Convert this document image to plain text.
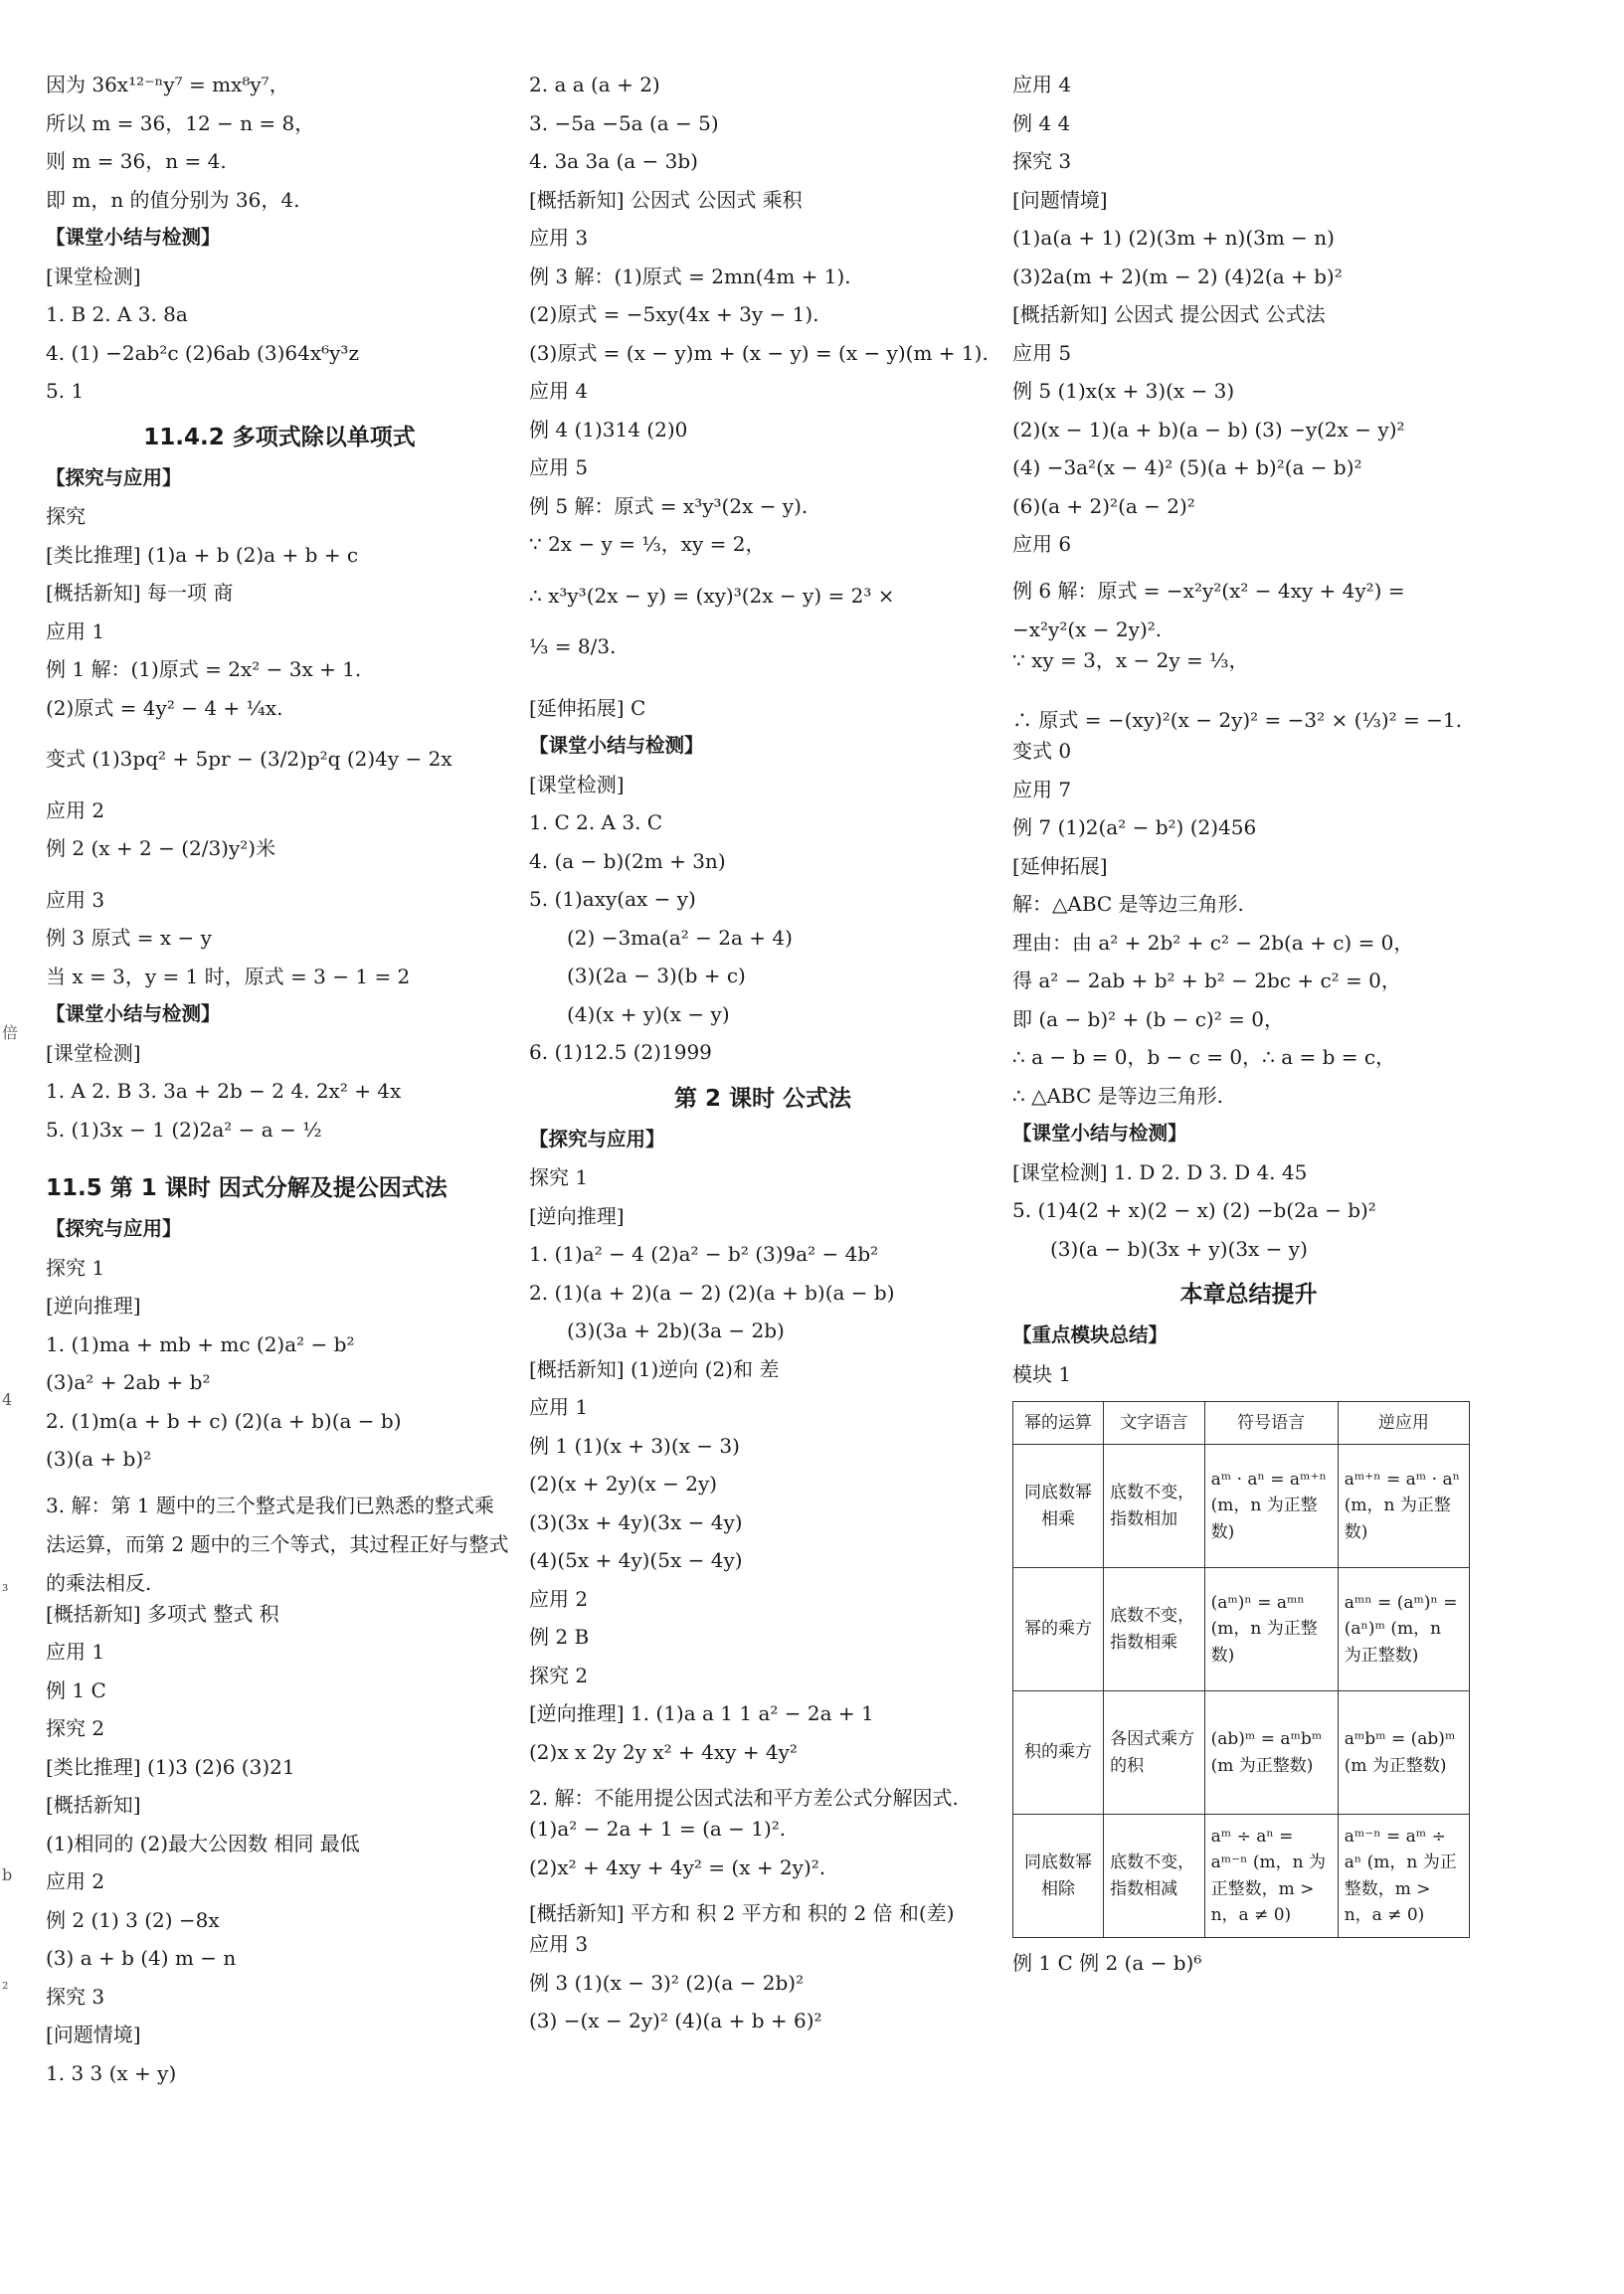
倍
4
³
b
₂
因为 36x¹²⁻ⁿy⁷ = mx⁸y⁷，
所以 m = 36，12 − n = 8，
则 m = 36，n = 4.
即 m，n 的值分别为 36，4.
【课堂小结与检测】
[课堂检测]
1. B 2. A 3. 8a
4. (1) −2ab²c (2)6ab (3)64x⁶y³z
5. 1
11.4.2 多项式除以单项式
【探究与应用】
探究
[类比推理] (1)a + b (2)a + b + c
[概括新知] 每一项 商
应用 1
例 1 解：(1)原式 = 2x² − 3x + 1.
(2)原式 = 4y² − 4 + ¼x.
变式 (1)3pq² + 5pr − (3/2)p²q (2)4y − 2x
应用 2
例 2 (x + 2 − (2/3)y²)米
应用 3
例 3 原式 = x − y
当 x = 3，y = 1 时，原式 = 3 − 1 = 2
【课堂小结与检测】
[课堂检测]
1. A 2. B 3. 3a + 2b − 2 4. 2x² + 4x
5. (1)3x − 1 (2)2a² − a − ½
11.5 第 1 课时 因式分解及提公因式法
【探究与应用】
探究 1
[逆向推理]
1. (1)ma + mb + mc (2)a² − b²
(3)a² + 2ab + b²
2. (1)m(a + b + c) (2)(a + b)(a − b)
(3)(a + b)²
3. 解：第 1 题中的三个整式是我们已熟悉的整式乘法运算，而第 2 题中的三个等式，其过程正好与整式的乘法相反.
[概括新知] 多项式 整式 积
应用 1
例 1 C
探究 2
[类比推理] (1)3 (2)6 (3)21
[概括新知]
(1)相同的 (2)最大公因数 相同 最低
应用 2
例 2 (1) 3 (2) −8x
(3) a + b (4) m − n
探究 3
[问题情境]
1. 3 3 (x + y)
2. a a (a + 2)
3. −5a −5a (a − 5)
4. 3a 3a (a − 3b)
[概括新知] 公因式 公因式 乘积
应用 3
例 3 解：(1)原式 = 2mn(4m + 1).
(2)原式 = −5xy(4x + 3y − 1).
(3)原式 = (x − y)m + (x − y) = (x − y)(m + 1).
应用 4
例 4 (1)314 (2)0
应用 5
例 5 解：原式 = x³y³(2x − y).
∵ 2x − y = ⅓，xy = 2，
∴ x³y³(2x − y) = (xy)³(2x − y) = 2³ ×
⅓ = 8/3.
[延伸拓展] C
【课堂小结与检测】
[课堂检测]
1. C 2. A 3. C
4. (a − b)(2m + 3n)
5. (1)axy(ax − y)
(2) −3ma(a² − 2a + 4)
(3)(2a − 3)(b + c)
(4)(x + y)(x − y)
6. (1)12.5 (2)1999
第 2 课时 公式法
【探究与应用】
探究 1
[逆向推理]
1. (1)a² − 4 (2)a² − b² (3)9a² − 4b²
2. (1)(a + 2)(a − 2) (2)(a + b)(a − b)
(3)(3a + 2b)(3a − 2b)
[概括新知] (1)逆向 (2)和 差
应用 1
例 1 (1)(x + 3)(x − 3)
(2)(x + 2y)(x − 2y)
(3)(3x + 4y)(3x − 4y)
(4)(5x + 4y)(5x − 4y)
应用 2
例 2 B
探究 2
[逆向推理] 1. (1)a a 1 1 a² − 2a + 1
(2)x x 2y 2y x² + 4xy + 4y²
2. 解：不能用提公因式法和平方差公式分解因式.
(1)a² − 2a + 1 = (a − 1)².
(2)x² + 4xy + 4y² = (x + 2y)².
[概括新知] 平方和 积 2 平方和 积的 2 倍 和(差)
应用 3
例 3 (1)(x − 3)² (2)(a − 2b)²
(3) −(x − 2y)² (4)(a + b + 6)²
应用 4
例 4 4
探究 3
[问题情境]
(1)a(a + 1) (2)(3m + n)(3m − n)
(3)2a(m + 2)(m − 2) (4)2(a + b)²
[概括新知] 公因式 提公因式 公式法
应用 5
例 5 (1)x(x + 3)(x − 3)
(2)(x − 1)(a + b)(a − b) (3) −y(2x − y)²
(4) −3a²(x − 4)² (5)(a + b)²(a − b)²
(6)(a + 2)²(a − 2)²
应用 6
例 6 解：原式 = −x²y²(x² − 4xy + 4y²) = −x²y²(x − 2y)².
∵ xy = 3，x − 2y = ⅓，
∴ 原式 = −(xy)²(x − 2y)² = −3² × (⅓)² = −1.
变式 0
应用 7
例 7 (1)2(a² − b²) (2)456
[延伸拓展]
解：△ABC 是等边三角形.
理由：由 a² + 2b² + c² − 2b(a + c) = 0，
得 a² − 2ab + b² + b² − 2bc + c² = 0，
即 (a − b)² + (b − c)² = 0，
∴ a − b = 0，b − c = 0，∴ a = b = c，
∴ △ABC 是等边三角形.
【课堂小结与检测】
[课堂检测] 1. D 2. D 3. D 4. 45
5. (1)4(2 + x)(2 − x) (2) −b(2a − b)²
(3)(a − b)(3x + y)(3x − y)
本章总结提升
【重点模块总结】
模块 1
幂的运算	文字语言	符号语言	逆应用
同底数幂相乘	底数不变，指数相加	aᵐ · aⁿ = aᵐ⁺ⁿ (m，n 为正整数)	aᵐ⁺ⁿ = aᵐ · aⁿ (m，n 为正整数)
幂的乘方	底数不变，指数相乘	(aᵐ)ⁿ = aᵐⁿ (m，n 为正整数)	aᵐⁿ = (aᵐ)ⁿ = (aⁿ)ᵐ (m，n 为正整数)
积的乘方	各因式乘方的积	(ab)ᵐ = aᵐbᵐ (m 为正整数)	aᵐbᵐ = (ab)ᵐ (m 为正整数)
同底数幂相除	底数不变，指数相减	aᵐ ÷ aⁿ = aᵐ⁻ⁿ (m，n 为正整数，m > n，a ≠ 0)	aᵐ⁻ⁿ = aᵐ ÷ aⁿ (m，n 为正整数，m > n，a ≠ 0)
例 1 C 例 2 (a − b)⁶
